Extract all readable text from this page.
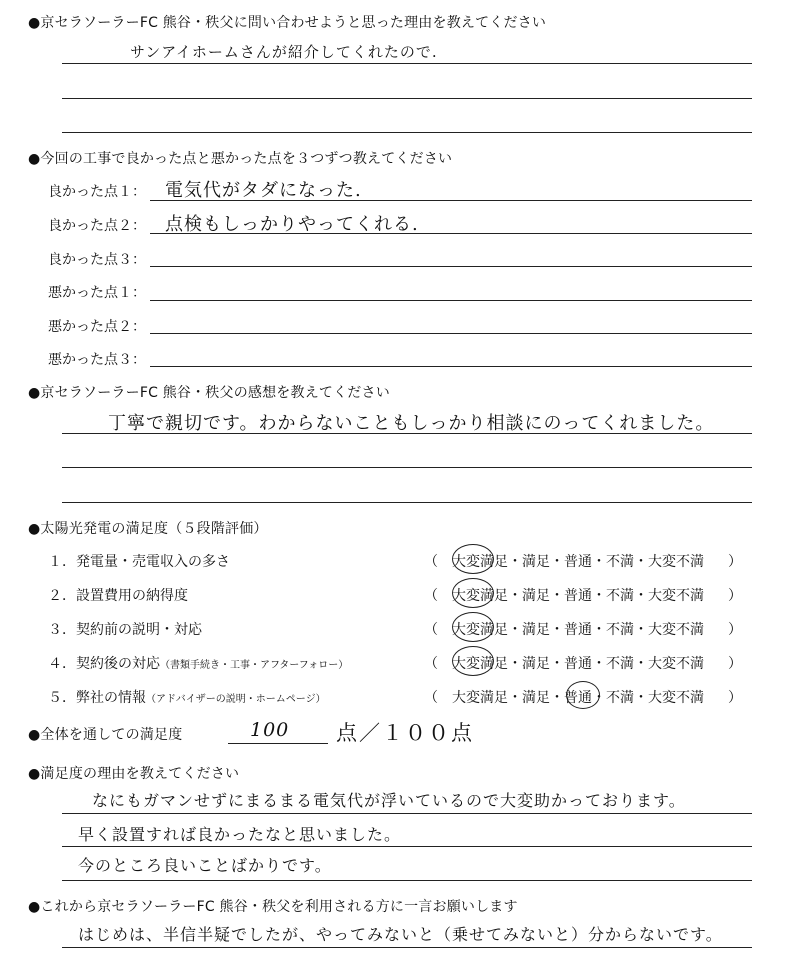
●京セラソーラーFC 熊谷・秩父に問い合わせようと思った理由を教えてください
サンアイホームさんが紹介してくれたので.
●今回の工事で良かった点と悪かった点を３つずつ教えてください
良かった点１： 電気代がタダになった.
良かった点２： 点検もしっかりやってくれる.
良かった点３：
悪かった点１：
悪かった点２：
悪かった点３：
●京セラソーラーFC 熊谷・秩父の感想を教えてください
丁寧で親切です。わからないこともしっかり相談にのってくれました。
●太陽光発電の満足度（５段階評価）
１．発電量・売電収入の多さ	（ 大変満足・満足・普通・不満・大変不満 ）
２．設置費用の納得度	（ 大変満足・満足・普通・不満・大変不満 ）
３．契約前の説明・対応	（ 大変満足・満足・普通・不満・大変不満 ）
４．契約後の対応（書類手続き・工事・アフターフォロー）	（ 大変満足・満足・普通・不満・大変不満 ）
５．弊社の情報（アドバイザーの説明・ホームページ）	（ 大変満足・満足・普通・不満・大変不満 ）
●全体を通しての満足度	100 点／１００点
●満足度の理由を教えてください
なにもガマンせずにまるまる電気代が浮いているので大変助かっております。
早く設置すれば良かったなと思いました。
今のところ良いことばかりです。
●これから京セラソーラーFC 熊谷・秩父を利用される方に一言お願いします
はじめは、半信半疑でしたが、やってみないと（乗せてみないと）分からないです。
